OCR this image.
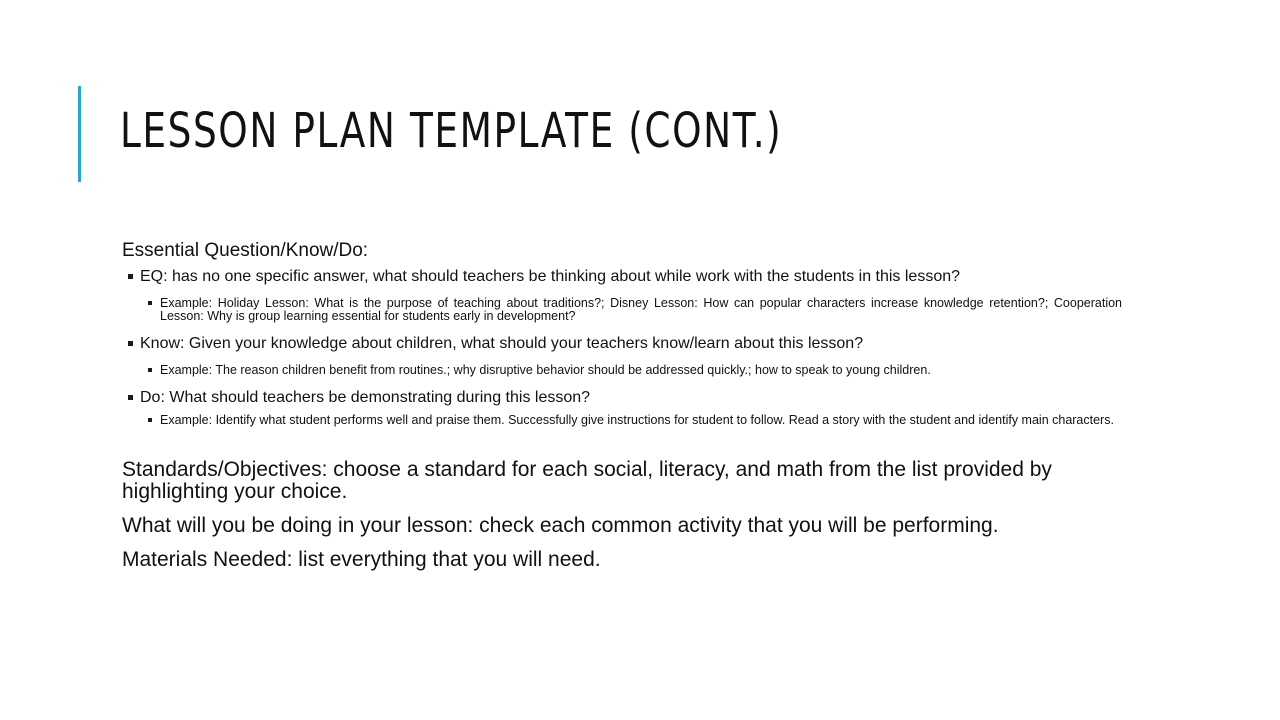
LESSON PLAN TEMPLATE (CONT.)

Essential Question/Know/Do:

EQ: has no one specific answer, what should teachers be thinking about while work with the students in this lesson?

Example: Holiday Lesson: What is the purpose of teaching about traditions?; Disney Lesson: How can popular characters increase knowledge retention?; Cooperation Lesson: Why is group learning essential for students early in development?

Know: Given your knowledge about children, what should your teachers know/learn about this lesson?

Example: The reason children benefit from routines.; why disruptive behavior should be addressed quickly.; how to speak to young children.

Do: What should teachers be demonstrating during this lesson?

Example: Identify what student performs well and praise them. Successfully give instructions for student to follow. Read a story with the student and identify main characters.

Standards/Objectives: choose a standard for each social, literacy, and math from the list provided by highlighting your choice.

What will you be doing in your lesson: check each common activity that you will be performing.

Materials Needed: list everything that you will need.
